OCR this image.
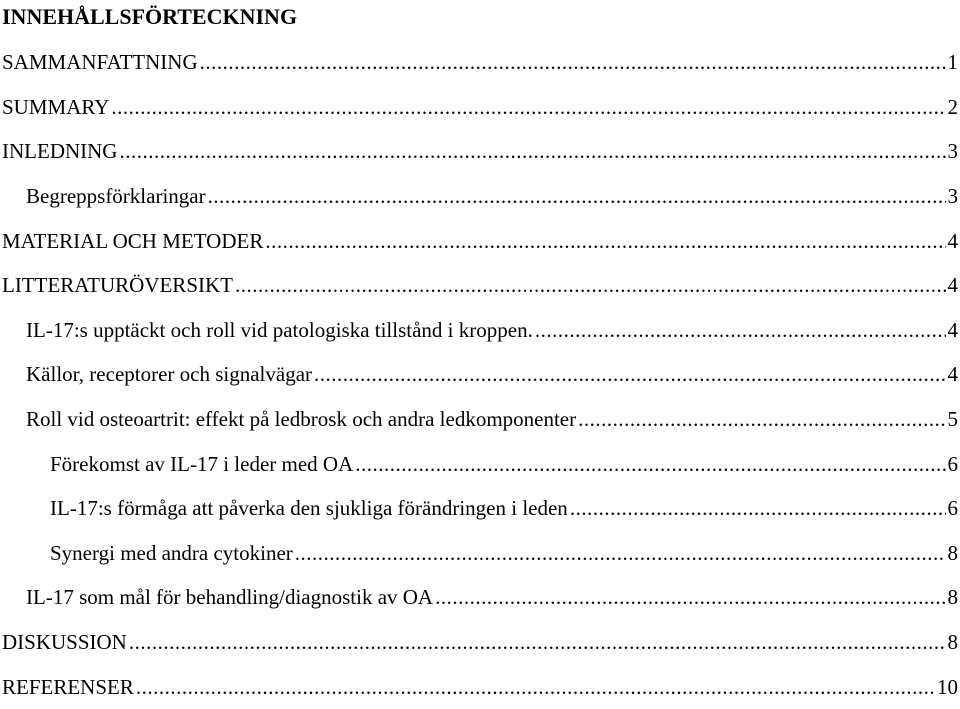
INNEHÅLLSFÖRTECKNING
SAMMANFATTNING .....	1
SUMMARY .....	2
INLEDNING .....	3
Begreppsförklaringar .....	3
MATERIAL OCH METODER .....	4
LITTERATURÖVERSIKT .....	4
IL-17:s upptäckt och roll vid patologiska tillstånd i kroppen. .....	4
Källor, receptorer och signalvägar .....	4
Roll vid osteoartrit: effekt på ledbrosk och andra ledkomponenter .....	5
Förekomst av IL-17 i leder med OA .....	6
IL-17:s förmåga att påverka den sjukliga förändringen i leden .....	6
Synergi med andra cytokiner .....	8
IL-17 som mål för behandling/diagnostik av OA .....	8
DISKUSSION .....	8
REFERENSER .....	10
